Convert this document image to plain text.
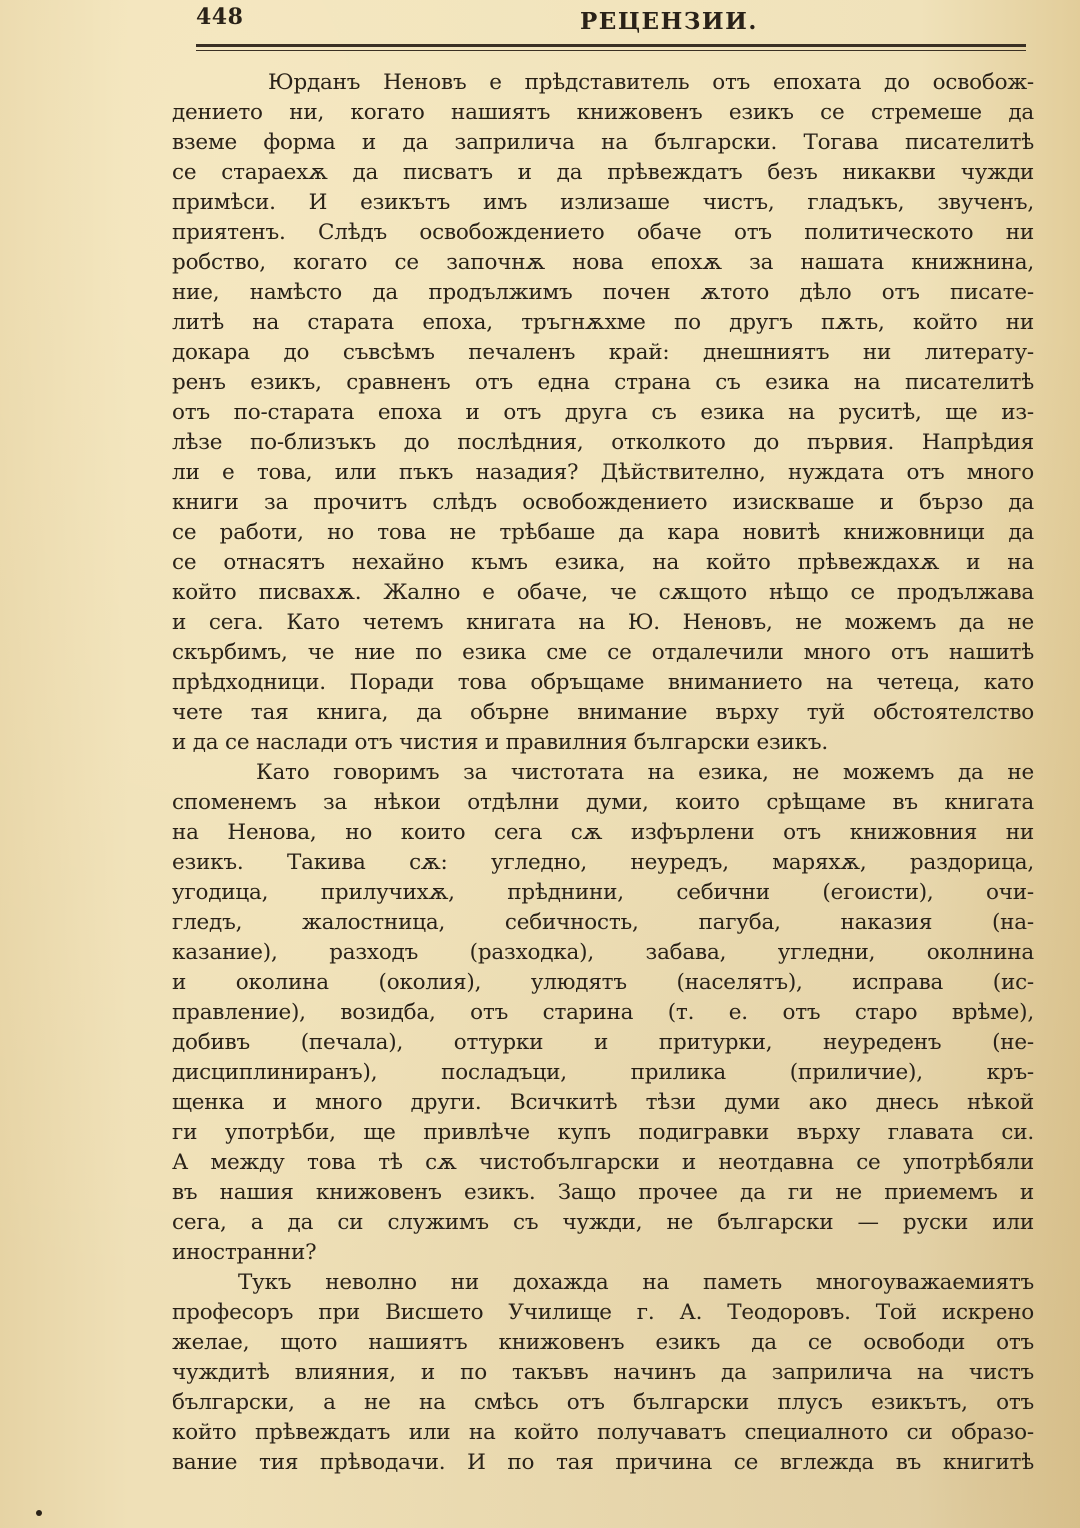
448	РЕЦЕНЗИИ.
Юрданъ Неновъ е прѣдставитель отъ епохата до освобож-
дението ни, когато нашиятъ книжовенъ езикъ се стремеше да
вземе форма и да заприлича на български. Тогава писателитѣ
се стараехѫ да писватъ и да прѣвеждатъ безъ никакви чужди
примѣси. И езикътъ имъ излизаше чистъ, гладъкъ, звученъ,
приятенъ. Слѣдъ освобождението обаче отъ политическото ни
робство, когато се започнѫ нова епохѫ за нашата книжнина,
ние, намѣсто да продължимъ почен ѫтото дѣло отъ писате-
литѣ на старата епоха, тръгнѫхме по другъ пѫть, който ни
докара до съвсѣмъ печаленъ край: днешниятъ ни литерату-
ренъ езикъ, сравненъ отъ една страна съ езика на писателитѣ
отъ по-старата епоха и отъ друга съ езика на руситѣ, ще из-
лѣзе по-близъкъ до послѣдния, отколкото до първия. Напрѣдия
ли е това, или пъкъ назадия? Дѣйствително, нуждата отъ много
книги за прочитъ слѣдъ освобождението изискваше и бързо да
се работи, но това не трѣбаше да кара новитѣ книжовници да
се отнасятъ нехайно къмъ езика, на който прѣвеждахѫ и на
който писвахѫ. Жално е обаче, че сѫщото нѣщо се продължава
и сега. Като четемъ книгата на Ю. Неновъ, не можемъ да не
скърбимъ, че ние по езика сме се отдалечили много отъ нашитѣ
прѣдходници. Поради това обръщаме вниманието на четеца, като
чете тая книга, да обърне внимание върху туй обстоятелство
и да се наслади отъ чистия и правилния български езикъ.
Като говоримъ за чистотата на езика, не можемъ да не
споменемъ за нѣкои отдѣлни думи, които срѣщаме въ книгата
на Ненова, но които сега сѫ изфърлени отъ книжовния ни
езикъ. Такива сѫ: угледно, неуредъ, маряхѫ, раздорица,
угодица, прилучихѫ, прѣднини, себични (егоисти), очи-
гледъ, жалостница, себичность, пагуба, наказия (на-
казание), разходъ (разходка), забава, угледни, околнина
и околина (околия), улюдятъ (населятъ), исправа (ис-
правление), возидба, отъ старина (т. е. отъ старо врѣме),
добивъ (печала), оттурки и притурки, неуреденъ (не-
дисциплиниранъ), посладъци, прилика (приличие), кръ-
щенка и много други. Всичкитѣ тѣзи думи ако днесь нѣкой
ги употрѣби, ще привлѣче купъ подигравки върху главата си.
А между това тѣ сѫ чистобългарски и неотдавна се употрѣбяли
въ нашия книжовенъ езикъ. Защо прочее да ги не приемемъ и
сега, а да си служимъ съ чужди, не български — руски или
иностранни?
Тукъ неволно ни дохажда на паметь многоуважаемиятъ
професоръ при Висшето Училище г. А. Теодоровъ. Той искрено
желае, щото нашиятъ книжовенъ езикъ да се освободи отъ
чуждитѣ влияния, и по такъвъ начинъ да заприлича на чистъ
български, а не на смѣсь отъ български плусъ езикътъ, отъ
който прѣвеждатъ или на който получаватъ специалното си образо-
вание тия прѣводачи. И по тая причина се вглежда въ книгитѣ
